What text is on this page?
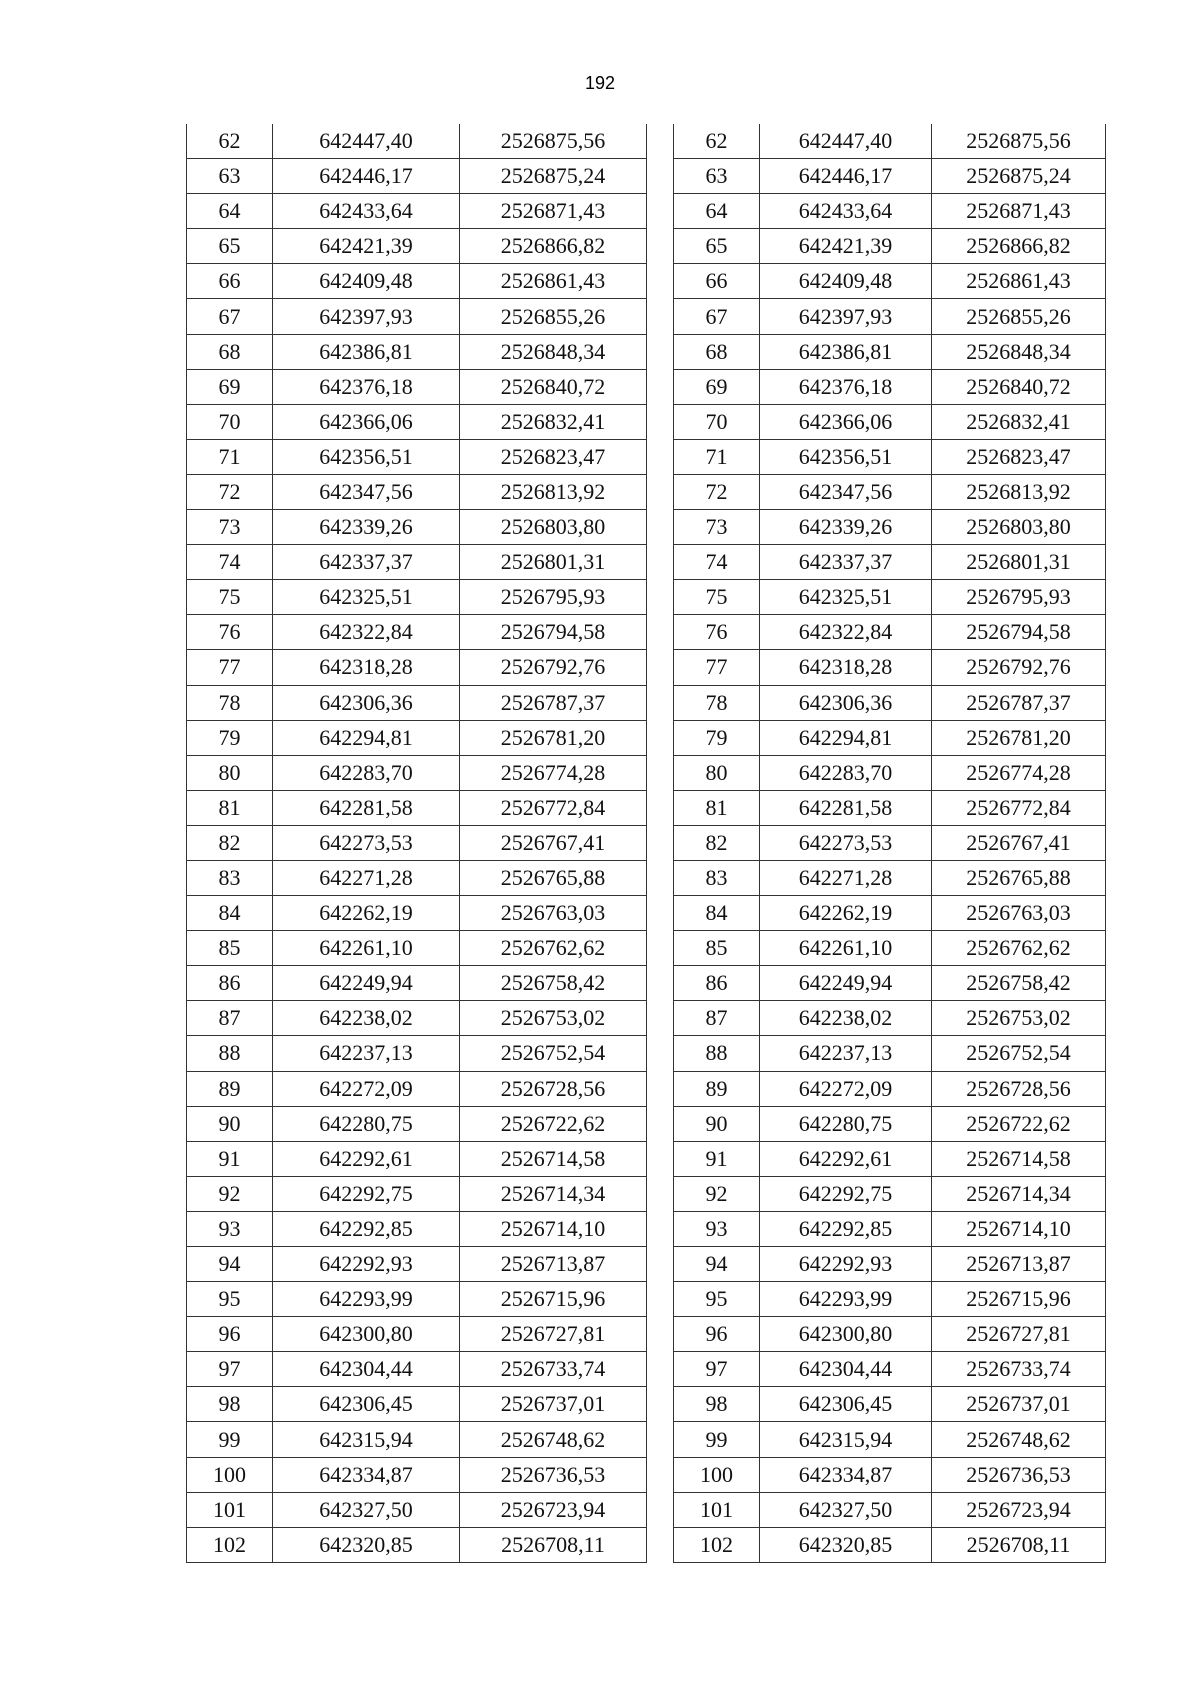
192
62	642447,40	2526875,56
63	642446,17	2526875,24
64	642433,64	2526871,43
65	642421,39	2526866,82
66	642409,48	2526861,43
67	642397,93	2526855,26
68	642386,81	2526848,34
69	642376,18	2526840,72
70	642366,06	2526832,41
71	642356,51	2526823,47
72	642347,56	2526813,92
73	642339,26	2526803,80
74	642337,37	2526801,31
75	642325,51	2526795,93
76	642322,84	2526794,58
77	642318,28	2526792,76
78	642306,36	2526787,37
79	642294,81	2526781,20
80	642283,70	2526774,28
81	642281,58	2526772,84
82	642273,53	2526767,41
83	642271,28	2526765,88
84	642262,19	2526763,03
85	642261,10	2526762,62
86	642249,94	2526758,42
87	642238,02	2526753,02
88	642237,13	2526752,54
89	642272,09	2526728,56
90	642280,75	2526722,62
91	642292,61	2526714,58
92	642292,75	2526714,34
93	642292,85	2526714,10
94	642292,93	2526713,87
95	642293,99	2526715,96
96	642300,80	2526727,81
97	642304,44	2526733,74
98	642306,45	2526737,01
99	642315,94	2526748,62
100	642334,87	2526736,53
101	642327,50	2526723,94
102	642320,85	2526708,11
62	642447,40	2526875,56
63	642446,17	2526875,24
64	642433,64	2526871,43
65	642421,39	2526866,82
66	642409,48	2526861,43
67	642397,93	2526855,26
68	642386,81	2526848,34
69	642376,18	2526840,72
70	642366,06	2526832,41
71	642356,51	2526823,47
72	642347,56	2526813,92
73	642339,26	2526803,80
74	642337,37	2526801,31
75	642325,51	2526795,93
76	642322,84	2526794,58
77	642318,28	2526792,76
78	642306,36	2526787,37
79	642294,81	2526781,20
80	642283,70	2526774,28
81	642281,58	2526772,84
82	642273,53	2526767,41
83	642271,28	2526765,88
84	642262,19	2526763,03
85	642261,10	2526762,62
86	642249,94	2526758,42
87	642238,02	2526753,02
88	642237,13	2526752,54
89	642272,09	2526728,56
90	642280,75	2526722,62
91	642292,61	2526714,58
92	642292,75	2526714,34
93	642292,85	2526714,10
94	642292,93	2526713,87
95	642293,99	2526715,96
96	642300,80	2526727,81
97	642304,44	2526733,74
98	642306,45	2526737,01
99	642315,94	2526748,62
100	642334,87	2526736,53
101	642327,50	2526723,94
102	642320,85	2526708,11
